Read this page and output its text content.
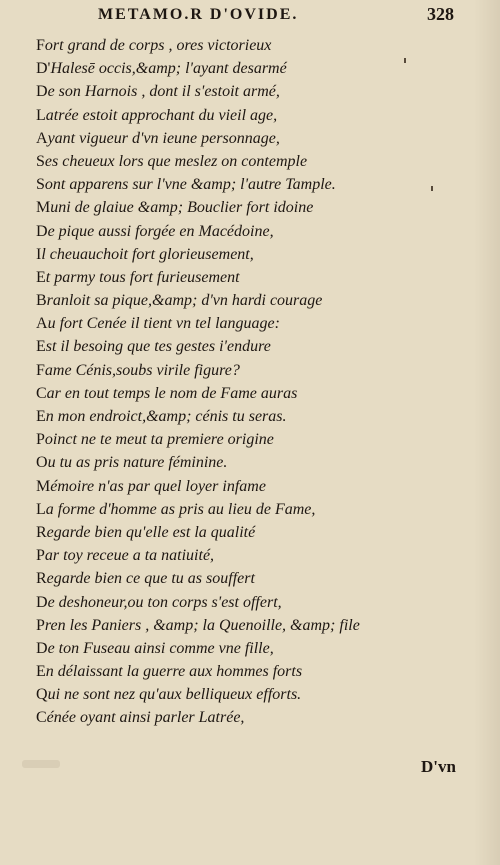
METAMO.R D'OVIDE.	328
Fort grand de corps , ores victorieux
D'Halesē occis,&amp; l'ayant desarmé
De son Harnois , dont il s'estoit armé,
Latrée estoit approchant du vieil age,
Ayant vigueur d'vn ieune personnage,
Ses cheueux lors que meslez on contemple
Sont apparens sur l'vne &amp; l'autre Tample.
Muni de glaiue &amp; Bouclier fort idoine
De pique aussi forgée en Macédoine,
Il cheuauchoit fort glorieusement,
Et parmy tous fort furieusement
Branloit sa pique,&amp; d'vn hardi courage
Au fort Cenée il tient vn tel language:
Est il besoing que tes gestes i'endure
Fame Cénis,soubs virile figure?
Car en tout temps le nom de Fame auras
En mon endroict,&amp; cénis tu seras.
Poinct ne te meut ta premiere origine
Ou tu as pris nature féminine.
Mémoire n'as par quel loyer infame
La forme d'homme as pris au lieu de Fame,
Regarde bien qu'elle est la qualité
Par toy receue a ta natiuité,
Regarde bien ce que tu as souffert
De deshoneur,ou ton corps s'est offert,
Pren les Paniers , &amp; la Quenoille, &amp; file
De ton Fuseau ainsi comme vne fille,
En délaissant la guerre aux hommes forts
Qui ne sont nez qu'aux belliqueux efforts.
Cénée oyant ainsi parler Latrée,
D'vn
